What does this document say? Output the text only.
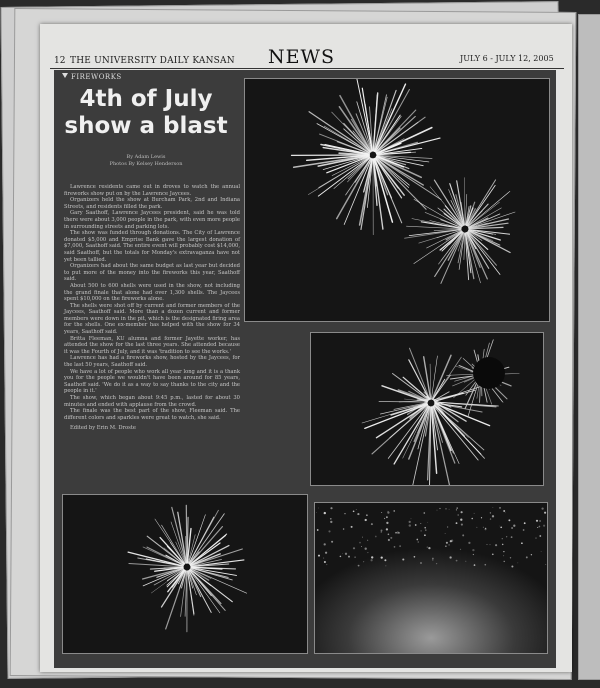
12 THE UNIVERSITY DAILY KANSAN NEWS	JULY 6 - JULY 12, 2005
FIREWORKS
4th of July
show a blast
By Adam Lewis
Photos By Kelsey Henderson

Lawrence residents came out in droves to watch the annual fireworks show put on by the Lawrence Jaycees.

Organizers held the show at Burcham Park, 2nd and Indiana Streets, and residents filled the park.

Gary Saathoff, Lawrence Jaycees president, said he was told there were about 3,000 people in the park, with even more people in surrounding streets and parking lots.

The show was funded through donations. The City of Lawrence donated $5,000 and Emprise Bank gave the largest donation of $7,000, Saathoff said. The entire event will probably cost $14,000, said Saathoff, but the totals for Monday's extravaganza have not yet been tallied.

Organizers had about the same budget as last year but decided to put more of the money into the fireworks this year, Saathoff said.

About 500 to 600 shells were used in the show, not including the grand finale that alone had over 1,300 shells. The Jaycees spent $10,000 on the fireworks alone.

The shells were shot off by current and former members of the Jaycees, Saathoff said. More than a dozen current and former members were down in the pit, which is the designated firing area for the shells. One ex-member has helped with the show for 34 years, Saathoff said.

Britta Fleeman, KU alumna and former Jayette worker, has attended the show for the last three years. She attended because it was the Fourth of July, and it was 'tradition to see the works.'

Lawrence has had a fireworks show, hosted by the Jaycees, for the last 50 years, Saathoff said.

We have a lot of people who work all year long and it is a thank you for the people we wouldn't have been around for 85 years, Saathoff said. 'We do it as a way to say thanks to the city and the people in it.'

The show, which began about 9:45 p.m., lasted for about 30 minutes and ended with applause from the crowd.

The finale was the best part of the show, Fleeman said. The different colors and sparkles were great to watch, she said.

Edited by Erin M. Droste
